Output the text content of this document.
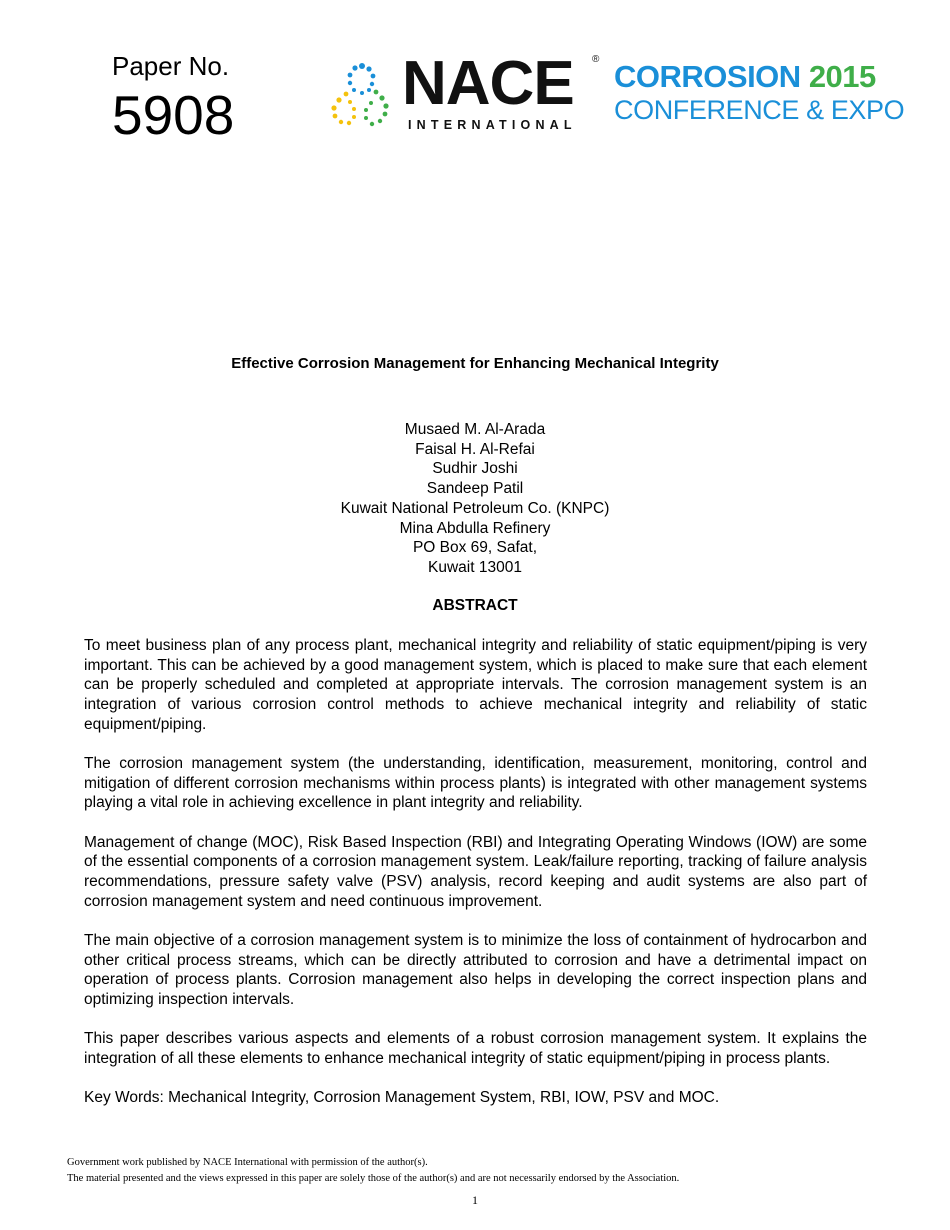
Paper No.
5908	NACE ®
INTERNATIONAL
CORROSION 2015
CONFERENCE & EXPO
Effective Corrosion Management for Enhancing Mechanical Integrity
Musaed M. Al-Arada
Faisal H. Al-Refai
Sudhir Joshi
Sandeep Patil
Kuwait National Petroleum Co. (KNPC)
Mina Abdulla Refinery
PO Box 69, Safat,
Kuwait 13001
ABSTRACT

To meet business plan of any process plant, mechanical integrity and reliability of static equipment/piping is very important. This can be achieved by a good management system, which is placed to make sure that each element can be properly scheduled and completed at appropriate intervals. The corrosion management system is an integration of various corrosion control methods to achieve mechanical integrity and reliability of static equipment/piping.

The corrosion management system (the understanding, identification, measurement, monitoring, control and mitigation of different corrosion mechanisms within process plants) is integrated with other management systems playing a vital role in achieving excellence in plant integrity and reliability.

Management of change (MOC), Risk Based Inspection (RBI) and Integrating Operating Windows (IOW) are some of the essential components of a corrosion management system. Leak/failure reporting, tracking of failure analysis recommendations, pressure safety valve (PSV) analysis, record keeping and audit systems are also part of corrosion management system and need continuous improvement.

The main objective of a corrosion management system is to minimize the loss of containment of hydrocarbon and other critical process streams, which can be directly attributed to corrosion and have a detrimental impact on operation of process plants. Corrosion management also helps in developing the correct inspection plans and optimizing inspection intervals.

This paper describes various aspects and elements of a robust corrosion management system. It explains the integration of all these elements to enhance mechanical integrity of static equipment/piping in process plants.

Key Words: Mechanical Integrity, Corrosion Management System, RBI, IOW, PSV and MOC.

Government work published by NACE International with permission of the author(s).
The material presented and the views expressed in this paper are solely those of the author(s) and are not necessarily endorsed by the Association.
1
